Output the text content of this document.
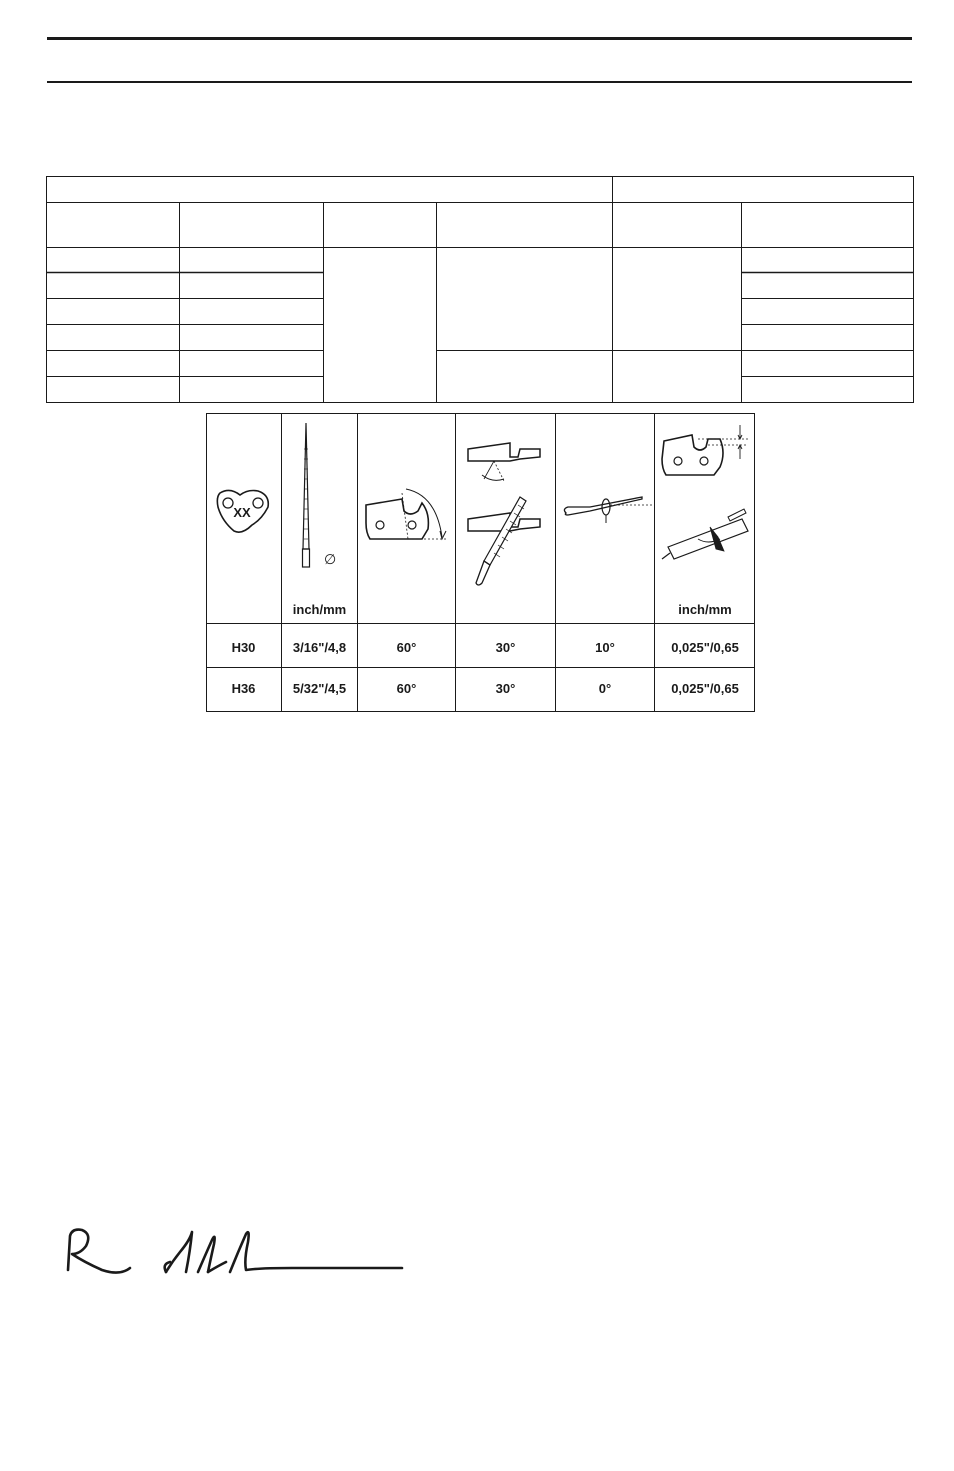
XX
∅
inch/mm	inch/mm
H30	3/16"/4,8	60°	30°	10°	0,025"/0,65
H36	5/32"/4,5	60°	30°	0°	0,025"/0,65
